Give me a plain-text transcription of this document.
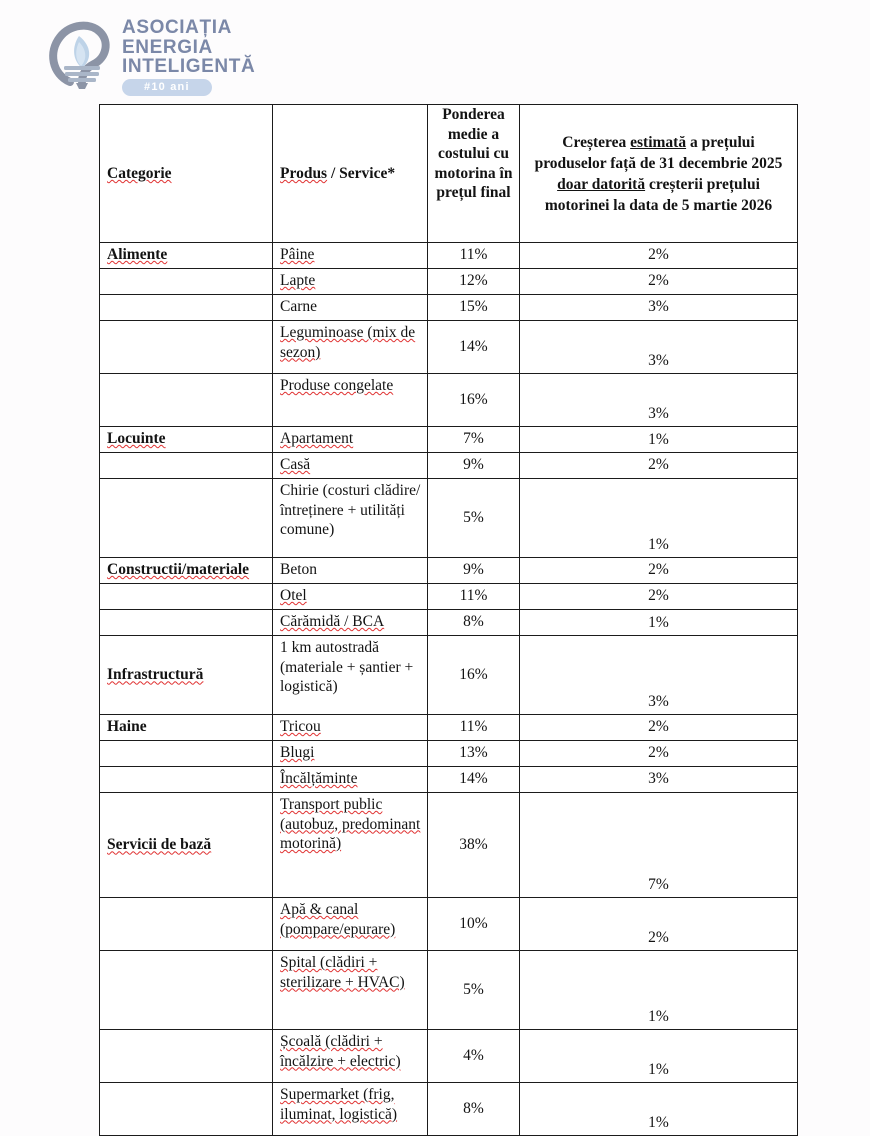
ASOCIAȚIA
ENERGIA
INTELIGENTĂ
#10 ani
Categorie	Produs / Service*	Ponderea medie a costului cu motorina în prețul final	Creșterea estimată a prețului produselor față de 31 decembrie 2025 doar datorită creșterii prețului motorinei la data de 5 martie 2026

Alimente	Pâine	11%	2%

	Lapte	12%	2%

	Carne	15%	3%

	Leguminoase (mix de sezon)	14%	3%

	Produse congelate	16%	3%

Locuinte	Apartament	7%	1%

	Casă	9%	2%

	Chirie (costuri clădire/întreținere + utilități comune)	5%	1%

Constructii/materiale	Beton	9%	2%

	Otel	11%	2%

	Cărămidă / BCA	8%	1%

Infrastructură	1 km autostradă (materiale + șantier + logistică)	16%	3%

Haine	Tricou	11%	2%

	Blugi	13%	2%

	Încălțăminte	14%	3%

Servicii de bază	Transport public (autobuz, predominant motorină)	38%	7%

	Apă & canal (pompare/epurare)	10%	2%

	Spital (clădiri + sterilizare + HVAC)	5%	1%

	Școală (clădiri + încălzire + electric)	4%	1%

	Supermarket (frig, iluminat, logistică)	8%	1%
